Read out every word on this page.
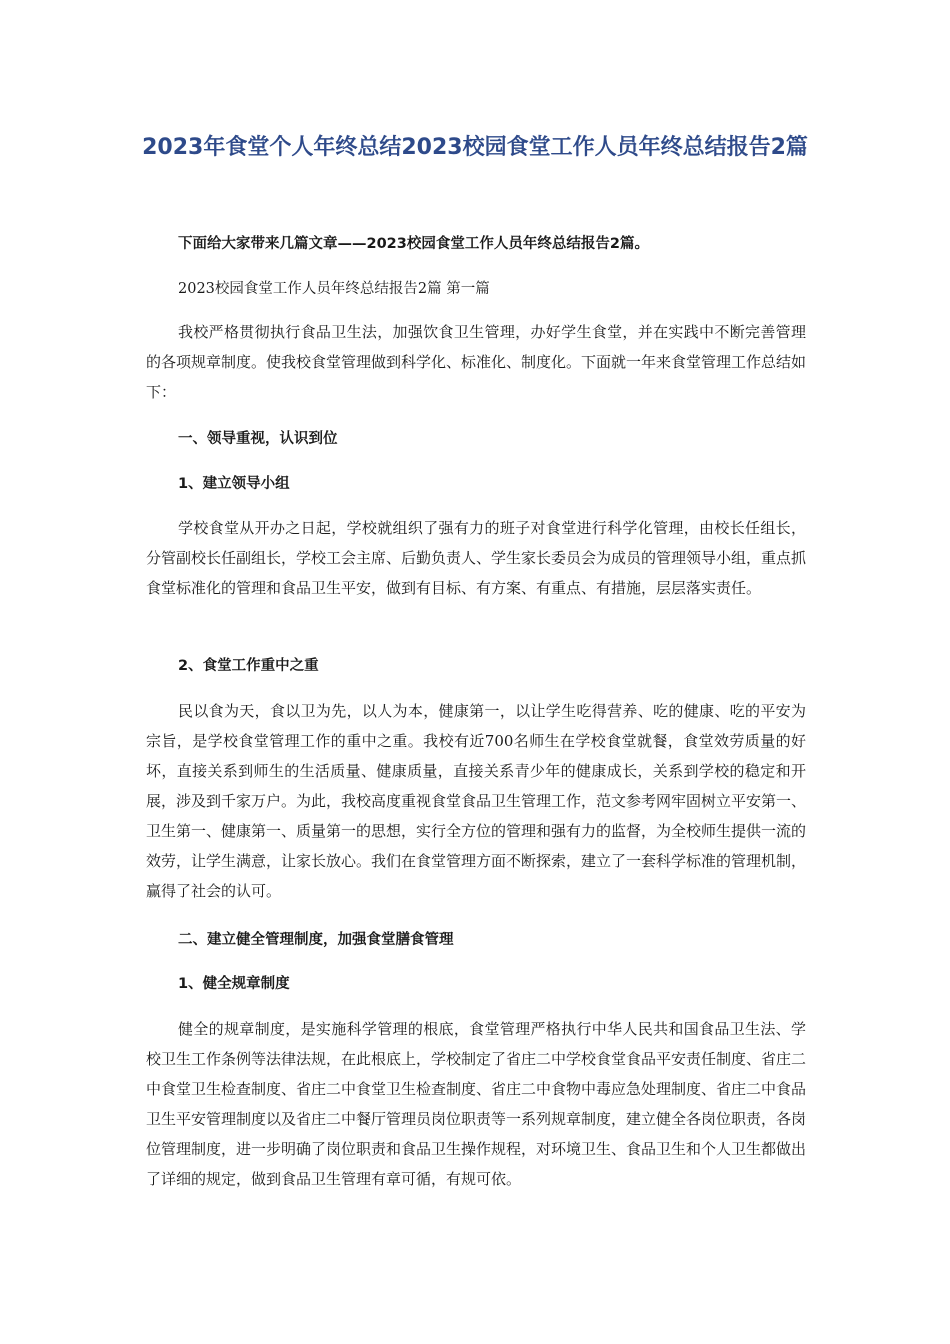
2023年食堂个人年终总结2023校园食堂工作人员年终总结报告2篇

下面给大家带来几篇文章——2023校园食堂工作人员年终总结报告2篇。

2023校园食堂工作人员年终总结报告2篇 第一篇

我校严格贯彻执行食品卫生法，加强饮食卫生管理，办好学生食堂，并在实践中不断完善管理的各项规章制度。使我校食堂管理做到科学化、标准化、制度化。下面就一年来食堂管理工作总结如下：

一、领导重视，认识到位

1、建立领导小组

学校食堂从开办之日起，学校就组织了强有力的班子对食堂进行科学化管理，由校长任组长，分管副校长任副组长，学校工会主席、后勤负责人、学生家长委员会为成员的管理领导小组，重点抓食堂标准化的管理和食品卫生平安，做到有目标、有方案、有重点、有措施，层层落实责任。

2、食堂工作重中之重

民以食为天，食以卫为先，以人为本，健康第一，以让学生吃得营养、吃的健康、吃的平安为宗旨，是学校食堂管理工作的重中之重。我校有近700名师生在学校食堂就餐，食堂效劳质量的好坏，直接关系到师生的生活质量、健康质量，直接关系青少年的健康成长，关系到学校的稳定和开展，涉及到千家万户。为此，我校高度重视食堂食品卫生管理工作，范文参考网牢固树立平安第一、卫生第一、健康第一、质量第一的思想，实行全方位的管理和强有力的监督，为全校师生提供一流的效劳，让学生满意，让家长放心。我们在食堂管理方面不断探索，建立了一套科学标准的管理机制，赢得了社会的认可。

二、建立健全管理制度，加强食堂膳食管理

1、健全规章制度

健全的规章制度，是实施科学管理的根底，食堂管理严格执行中华人民共和国食品卫生法、学校卫生工作条例等法律法规，在此根底上，学校制定了省庄二中学校食堂食品平安责任制度、省庄二中食堂卫生检查制度、省庄二中食堂卫生检查制度、省庄二中食物中毒应急处理制度、省庄二中食品卫生平安管理制度以及省庄二中餐厅管理员岗位职责等一系列规章制度，建立健全各岗位职责，各岗位管理制度，进一步明确了岗位职责和食品卫生操作规程，对环境卫生、食品卫生和个人卫生都做出了详细的规定，做到食品卫生管理有章可循，有规可依。
